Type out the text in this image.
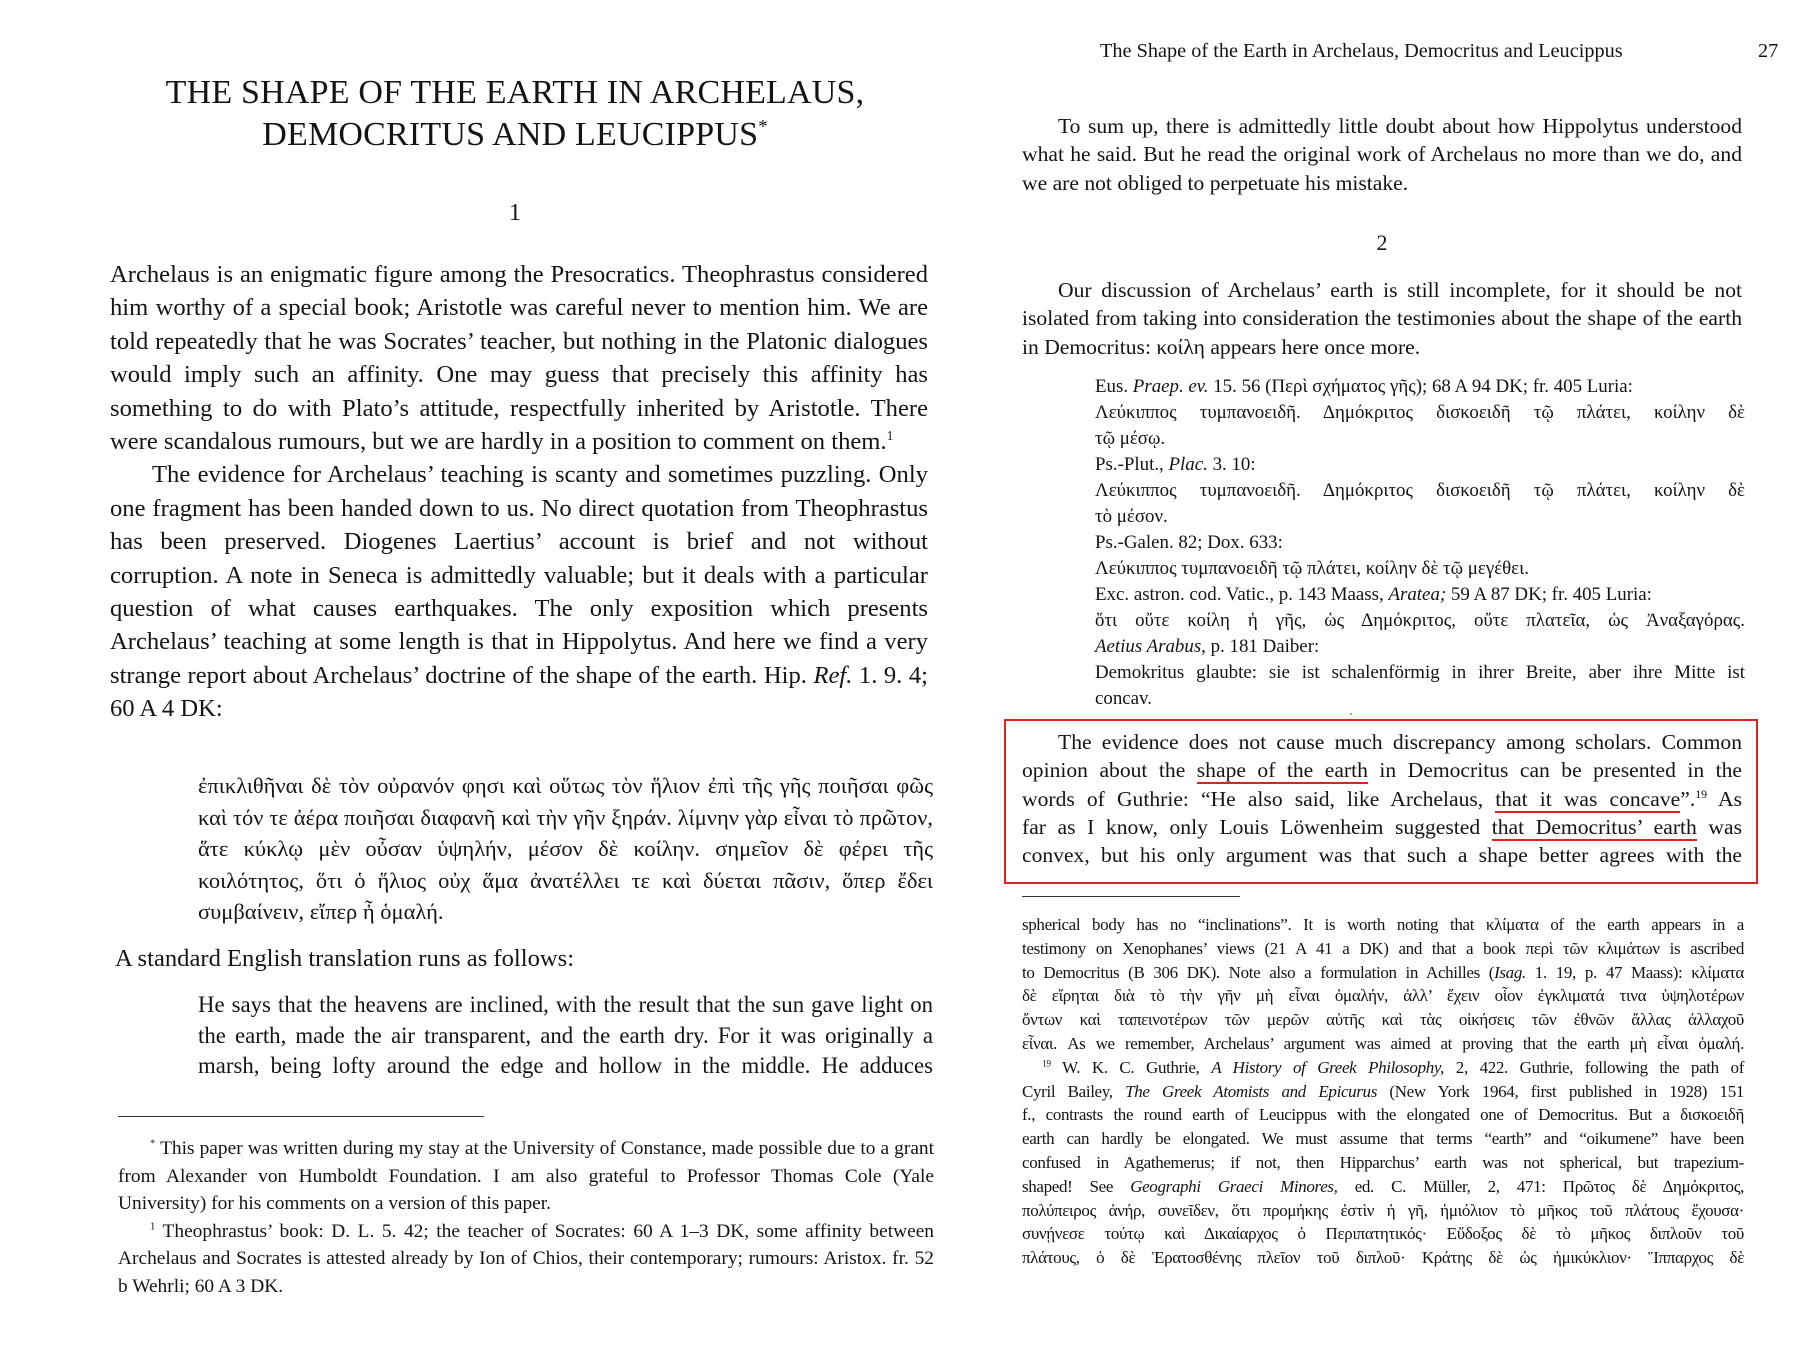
THE SHAPE OF THE EARTH IN ARCHELAUS,
DEMOCRITUS AND LEUCIPPUS*
1

Archelaus is an enigmatic figure among the Presocratics. Theophrastus considered him worthy of a special book; Aristotle was careful never to mention him. We are told repeatedly that he was Socrates’ teacher, but nothing in the Platonic dialogues would imply such an affinity. One may guess that precisely this affinity has something to do with Plato’s attitude, respectfully inherited by Aristotle. There were scandalous rumours, but we are hardly in a position to comment on them.$^1$

The evidence for Archelaus’ teaching is scanty and sometimes puzzling. Only one fragment has been handed down to us. No direct quotation from Theophrastus has been preserved. Diogenes Laertius’ account is brief and not without corruption. A note in Seneca is admittedly valuable; but it deals with a particular question of what causes earthquakes. The only exposition which presents Archelaus’ teaching at some length is that in Hippolytus. And here we find a very strange report about Archelaus’ doctrine of the shape of the earth. Hip. Ref. 1. 9. 4; 60 A 4 DK:

ἐπικλιθῆναι δὲ τὸν οὐρανόν φησι καὶ οὕτως τὸν ἥλιον ἐπὶ τῆς γῆς ποιῆσαι φῶς καὶ τόν τε ἀέρα ποιῆσαι διαφανῆ καὶ τὴν γῆν ξηράν. λίμνην γὰρ εἶναι τὸ πρῶτον, ἅτε κύκλῳ μὲν οὖσαν ὑψηλήν, μέσον δὲ κοίλην. σημεῖον δὲ φέρει τῆς κοιλότητος, ὅτι ὁ ἥλιος οὐχ ἅμα ἀνατέλλει τε καὶ δύεται πᾶσιν, ὅπερ ἔδει συμβαίνειν, εἴπερ ἦ ὁμαλή.
A standard English translation runs as follows:
He says that the heavens are inclined, with the result that the sun gave light on the earth, made the air transparent, and the earth dry. For it was originally a marsh, being lofty around the edge and hollow in the middle. He adduces

* This paper was written during my stay at the University of Constance, made possible due to a grant from Alexander von Humboldt Foundation. I am also grateful to Professor Thomas Cole (Yale University) for his comments on a version of this paper.

$^1$ Theophrastus’ book: D. L. 5. 42; the teacher of Socrates: 60 A 1–3 DK, some affinity between Archelaus and Socrates is attested already by Ion of Chios, their contemporary; rumours: Aristox. fr. 52 b Wehrli; 60 A 3 DK.

The Shape of the Earth in Archelaus, Democritus and Leucippus	27

To sum up, there is admittedly little doubt about how Hippolytus understood what he said. But he read the original work of Archelaus no more than we do, and we are not obliged to perpetuate his mistake.

2

Our discussion of Archelaus’ earth is still incomplete, for it should be not isolated from taking into consideration the testimonies about the shape of the earth in Democritus: κοίλη appears here once more.

Eus. Praep. ev. 15. 56 (Περὶ σχήματος γῆς); 68 A 94 DK; fr. 405 Luria:
Λεύκιππος τυμπανοειδῆ. Δημόκριτος δισκοειδῆ τῷ πλάτει, κοίλην δὲ
τῷ μέσῳ.
Ps.-Plut., Plac. 3. 10:
Λεύκιππος τυμπανοειδῆ. Δημόκριτος δισκοειδῆ τῷ πλάτει, κοίλην δὲ
τὸ μέσον.
Ps.-Galen. 82; Dox. 633:
Λεύκιππος τυμπανοειδῆ τῷ πλάτει, κοίλην δὲ τῷ μεγέθει.
Exc. astron. cod. Vatic., p. 143 Maass, Aratea; 59 A 87 DK; fr. 405 Luria:
ὅτι οὔτε κοίλη ἡ γῆς, ὡς Δημόκριτος, οὔτε πλατεῖα, ὡς Ἀναξαγόρας.
Aetius Arabus, p. 181 Daiber:
Demokritus glaubte: sie ist schalenförmig in ihrer Breite, aber ihre Mitte ist
concav.
The evidence does not cause much discrepancy among scholars. Common
opinion about the shape of the earth in Democritus can be presented in the
words of Guthrie: “He also said, like Archelaus, that it was concave”.$^{19}$ As
far as I know, only Louis Löwenheim suggested that Democritus’ earth was
convex, but his only argument was that such a shape better agrees with the
spherical body has no “inclinations”. It is worth noting that κλίματα of the earth appears in a
testimony on Xenophanes’ views (21 A 41 a DK) and that a book περὶ τῶν κλιμάτων is ascribed
to Democritus (B 306 DK). Note also a formulation in Achilles (Isag. 1. 19, p. 47 Maass): κλίματα
δὲ εἴρηται διὰ τὸ τὴν γῆν μὴ εἶναι ὁμαλήν, ἀλλ’ ἔχειν οἷον ἐγκλιματά τινα ὑψηλοτέρων
ὄντων καὶ ταπεινοτέρων τῶν μερῶν αὐτῆς καὶ τὰς οἰκήσεις τῶν ἐθνῶν ἄλλας ἀλλαχοῦ
εἶναι. As we remember, Archelaus’ argument was aimed at proving that the earth μὴ εἶναι ὁμαλή.
$^{19}$ W. K. C. Guthrie, A History of Greek Philosophy, 2, 422. Guthrie, following the path of
Cyril Bailey, The Greek Atomists and Epicurus (New York 1964, first published in 1928) 151
f., contrasts the round earth of Leucippus with the elongated one of Democritus. But a δισκοειδῆ
earth can hardly be elongated. We must assume that terms “earth” and “oikumene” have been
confused in Agathemerus; if not, then Hipparchus’ earth was not spherical, but trapezium-
shaped! See Geographi Graeci Minores, ed. C. Müller, 2, 471: Πρῶτος δὲ Δημόκριτος,
πολύπειρος ἀνήρ, συνεῖδεν, ὅτι προμήκης ἐστὶν ἡ γῆ, ἡμιόλιον τὸ μῆκος τοῦ πλάτους ἔχουσα·
συνῄνεσε τούτῳ καὶ Δικαίαρχος ὁ Περιπατητικός· Εὔδοξος δὲ τὸ μῆκος διπλοῦν τοῦ
πλάτους, ὁ δὲ Ἐρατοσθένης πλεῖον τοῦ διπλοῦ· Κράτης δὲ ὡς ἡμικύκλιον· Ἵππαρχος δὲ
